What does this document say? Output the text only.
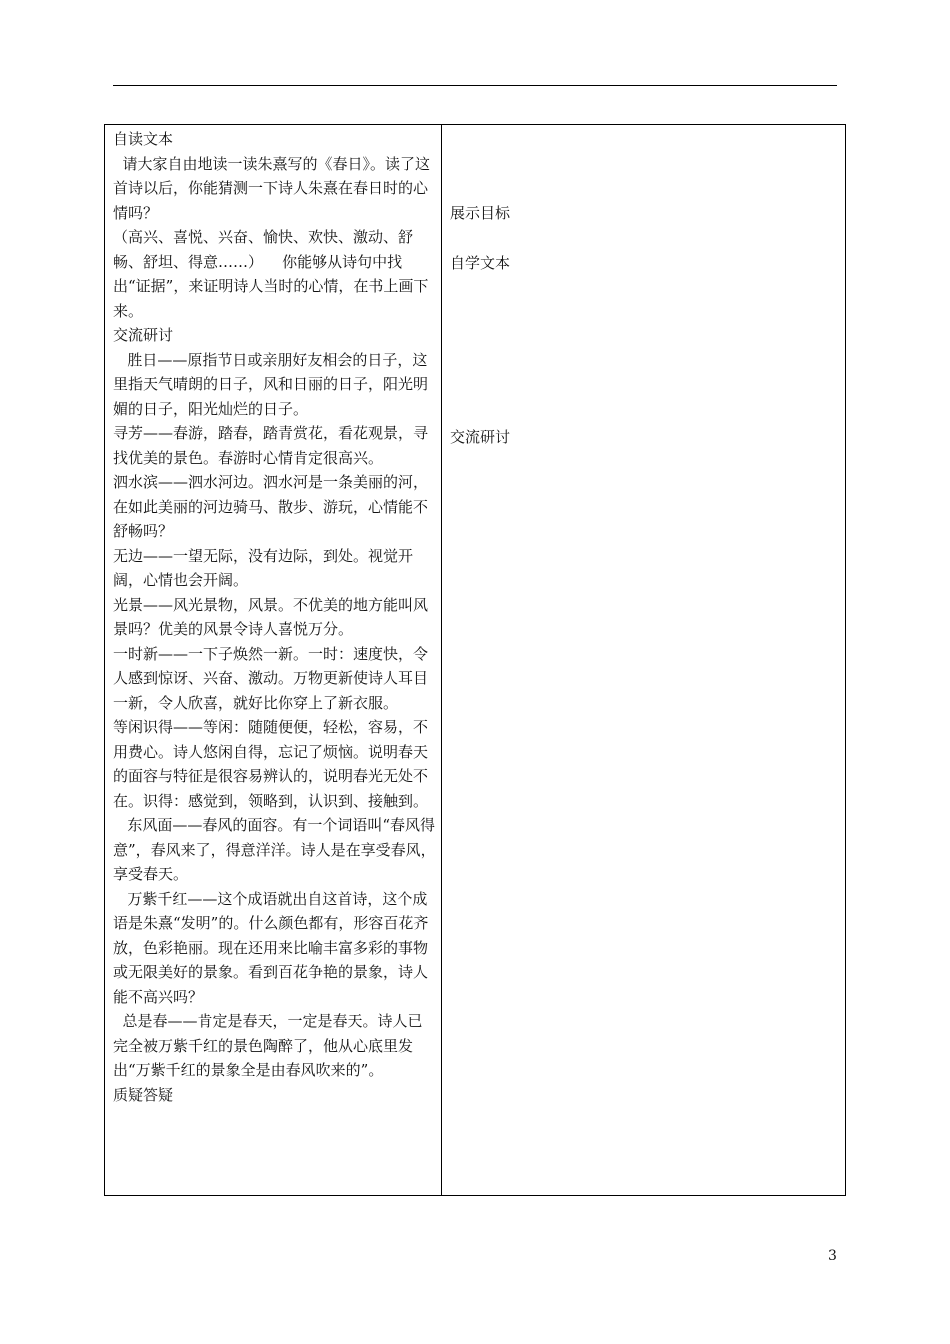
自读文本

请大家自由地读一读朱熹写的《春日》。读了这首诗以后，你能猜测一下诗人朱熹在春日时的心情吗？

（高兴、喜悦、兴奋、愉快、欢快、激动、舒畅、舒坦、得意……）    你能够从诗句中找出“证据”，来证明诗人当时的心情，在书上画下来。

交流研讨

胜日——原指节日或亲朋好友相会的日子，这里指天气晴朗的日子，风和日丽的日子，阳光明媚的日子，阳光灿烂的日子。

寻芳——春游，踏春，踏青赏花，看花观景，寻找优美的景色。春游时心情肯定很高兴。

泗水滨——泗水河边。泗水河是一条美丽的河，在如此美丽的河边骑马、散步、游玩，心情能不舒畅吗？

无边——一望无际，没有边际，到处。视觉开阔，心情也会开阔。

光景——风光景物，风景。不优美的地方能叫风景吗？优美的风景令诗人喜悦万分。

一时新——一下子焕然一新。一时：速度快，令人感到惊讶、兴奋、激动。万物更新使诗人耳目一新，令人欣喜，就好比你穿上了新衣服。

等闲识得——等闲：随随便便，轻松，容易，不用费心。诗人悠闲自得，忘记了烦恼。说明春天的面容与特征是很容易辨认的，说明春光无处不在。识得：感觉到，领略到，认识到、接触到。

东风面——春风的面容。有一个词语叫“春风得意”，春风来了，得意洋洋。诗人是在享受春风，享受春天。

万紫千红——这个成语就出自这首诗，这个成语是朱熹“发明”的。什么颜色都有，形容百花齐放，色彩艳丽。现在还用来比喻丰富多彩的事物或无限美好的景象。看到百花争艳的景象，诗人能不高兴吗？

总是春——肯定是春天，一定是春天。诗人已完全被万紫千红的景色陶醉了，他从心底里发出“万紫千红的景象全是由春风吹来的”。

质疑答疑

展示目标
自学文本
交流研讨
3
